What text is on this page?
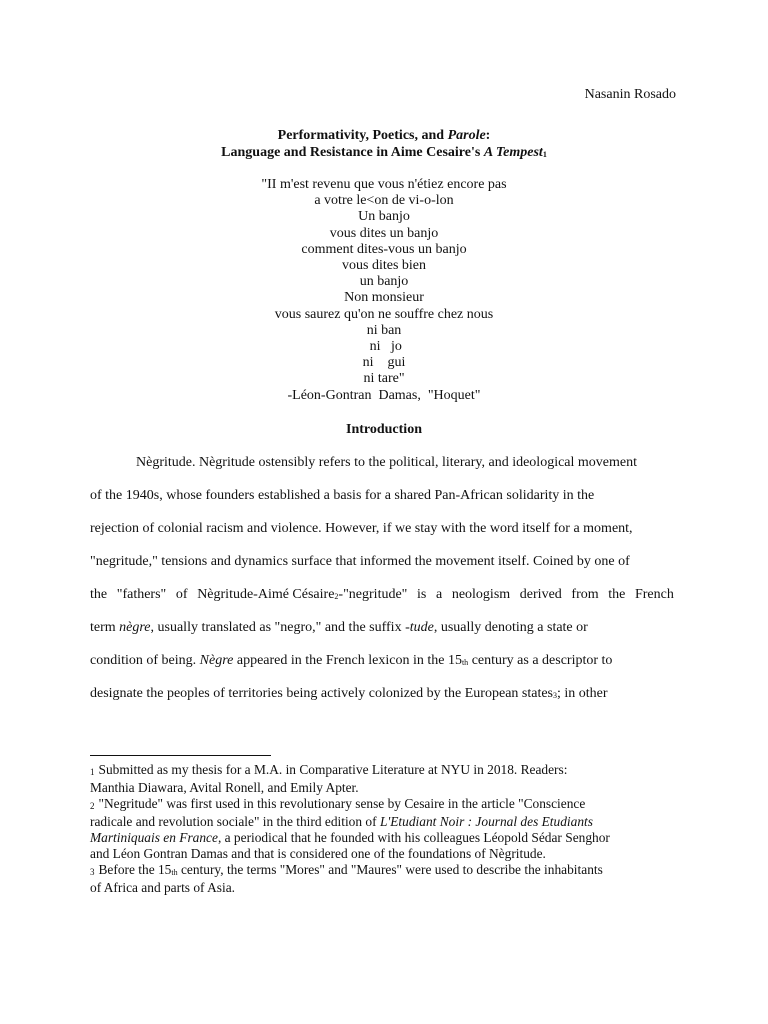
Nasanin Rosado
Performativity, Poetics, and Parole:
Language and Resistance in Aime Cesaire's A Tempest1
"II m'est revenu que vous n'étiez encore pas
a votre le<on de vi-o-lon
Un banjo
vous dites un banjo
comment dites-vous un banjo
vous dites bien
un banjo
Non monsieur
vous saurez qu'on ne souffre chez nous
ni ban
ni   jo
ni    gui
ni tare"
-Léon-Gontran  Damas,  "Hoquet"
Introduction
Nègritude. Nègritude ostensibly refers to the political, literary, and ideological movement
of the 1940s, whose founders established a basis for a shared Pan-African solidarity in the
rejection of colonial racism and violence. However, if we stay with the word itself for a moment,
"negritude," tensions and dynamics surface that informed the movement itself. Coined by one of
the "fathers" of Nègritude-Aimé Césaire2-"negritude" is a neologism derived from the French
term nègre, usually translated as "negro," and the suffix -tude, usually denoting a state or
condition of being. Nègre appeared in the French lexicon in the 15th century as a descriptor to
designate the peoples of territories being actively colonized by the European states3; in other
1 Submitted as my thesis for a M.A. in Comparative Literature at NYU in 2018. Readers:
Manthia Diawara, Avital Ronell, and Emily Apter.
2 "Negritude" was first used in this revolutionary sense by Cesaire in the article "Conscience
radicale and revolution sociale" in the third edition of L'Etudiant Noir : Journal des Etudiants
Martiniquais en France, a periodical that he founded with his colleagues Léopold Sédar Senghor
and Léon Gontran Damas and that is considered one of the foundations of Nègritude.
3 Before the 15th century, the terms "Mores" and "Maures" were used to describe the inhabitants
of Africa and parts of Asia.
